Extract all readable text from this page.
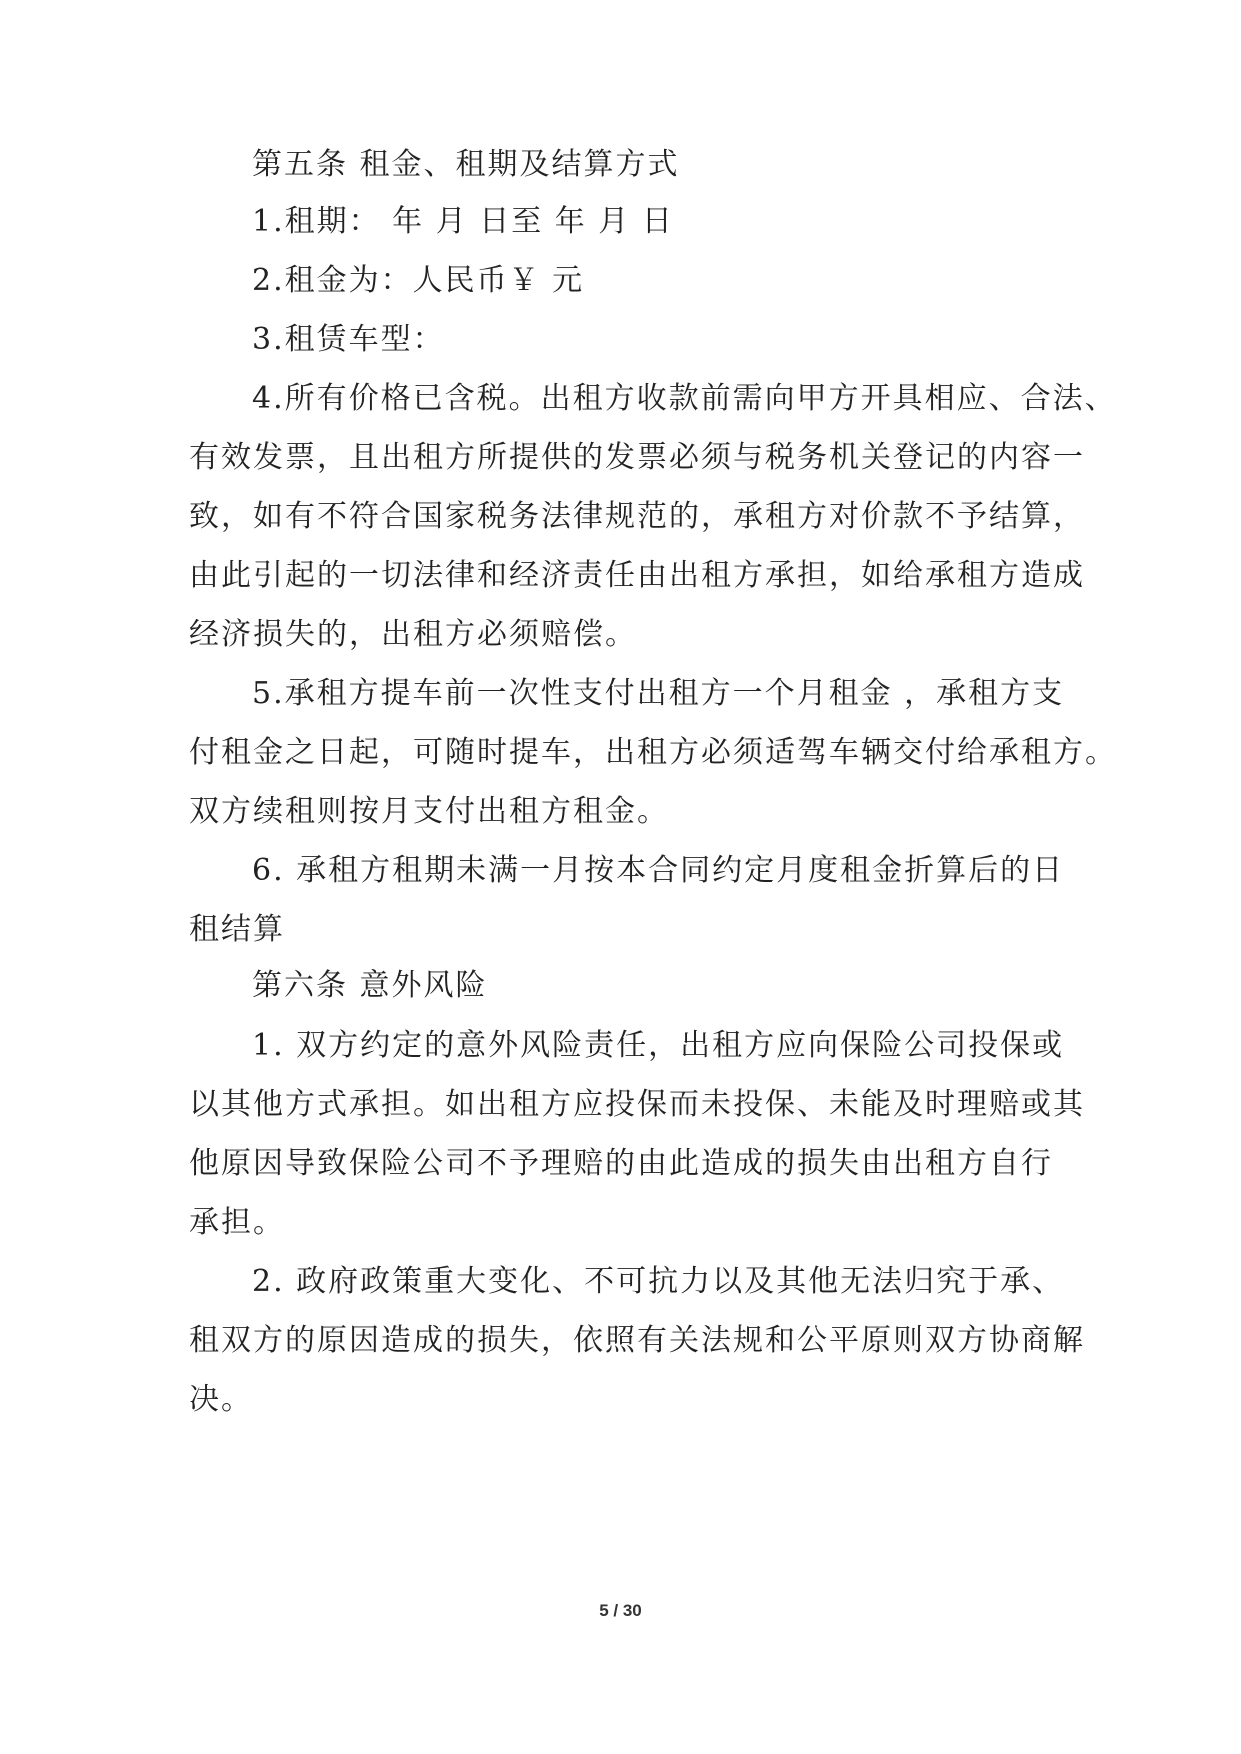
第五条 租金、租期及结算方式
1.租期： 年 月 日至 年 月 日
2.租金为：人民币￥ 元
3.租赁车型：
4.所有价格已含税。出租方收款前需向甲方开具相应、合法、
有效发票，且出租方所提供的发票必须与税务机关登记的内容一
致，如有不符合国家税务法律规范的，承租方对价款不予结算，
由此引起的一切法律和经济责任由出租方承担，如给承租方造成
经济损失的，出租方必须赔偿。
5.承租方提车前一次性支付出租方一个月租金 ，承租方支
付租金之日起，可随时提车，出租方必须适驾车辆交付给承租方。
双方续租则按月支付出租方租金。
6. 承租方租期未满一月按本合同约定月度租金折算后的日
租结算
第六条 意外风险
1. 双方约定的意外风险责任，出租方应向保险公司投保或
以其他方式承担。如出租方应投保而未投保、未能及时理赔或其
他原因导致保险公司不予理赔的由此造成的损失由出租方自行
承担。
2. 政府政策重大变化、不可抗力以及其他无法归究于承、
租双方的原因造成的损失，依照有关法规和公平原则双方协商解
决。
5 / 30
